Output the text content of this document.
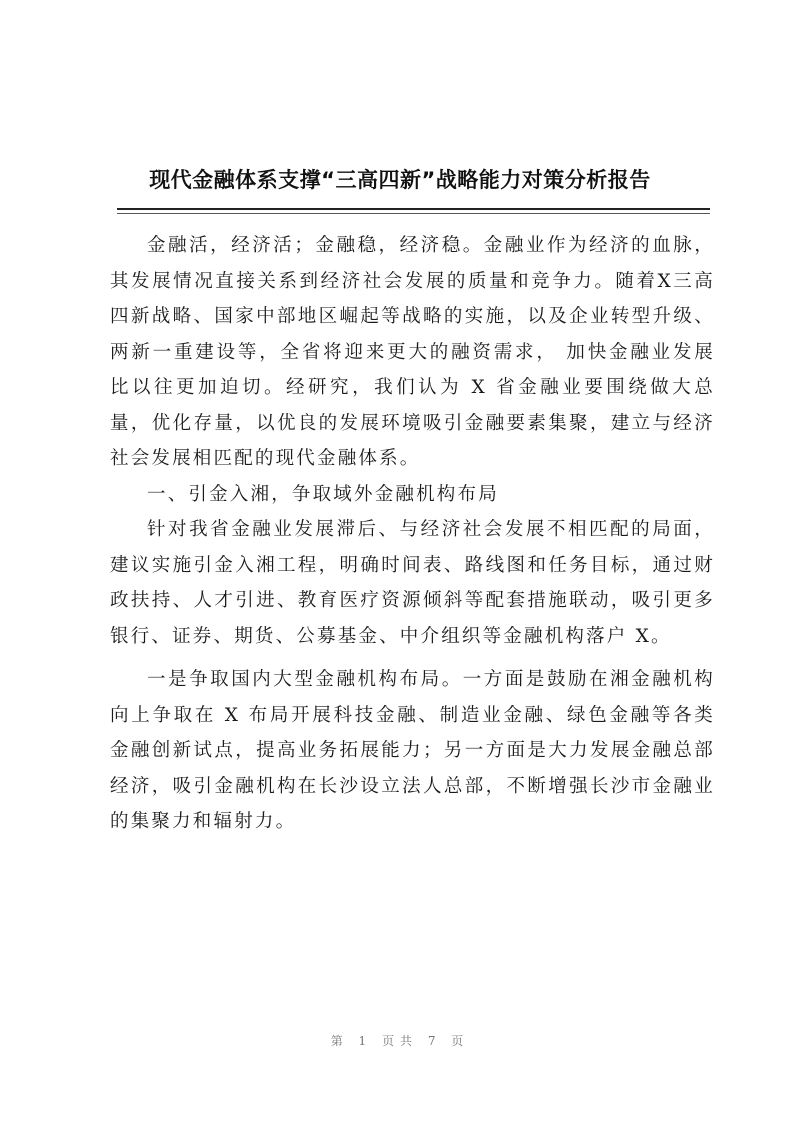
现代金融体系支撑“三高四新”战略能力对策分析报告

金融活，经济活；金融稳，经济稳。金融业作为经济的血脉， 其发展情况直接关系到经济社会发展的质量和竞争力。随着X三高四新战略、国家中部地区崛起等战略的实施，以及企业转型升级、两新一重建设等，全省将迎来更大的融资需求， 加快金融业发展比以往更加迫切。经研究，我们认为 X 省金融业要围绕做大总量，优化存量，以优良的发展环境吸引金融要素集聚，建立与经济社会发展相匹配的现代金融体系。

一、引金入湘，争取域外金融机构布局

针对我省金融业发展滞后、与经济社会发展不相匹配的局面，建议实施引金入湘工程，明确时间表、路线图和任务目标，通过财政扶持、人才引进、教育医疗资源倾斜等配套措施联动，吸引更多银行、证券、期货、公募基金、中介组织等金融机构落户 X。

一是争取国内大型金融机构布局。一方面是鼓励在湘金融机构向上争取在 X 布局开展科技金融、制造业金融、绿色金融等各类金融创新试点，提高业务拓展能力；另一方面是大力发展金融总部经济，吸引金融机构在长沙设立法人总部，不断增强长沙市金融业的集聚力和辐射力。

第 1 页共 7 页
